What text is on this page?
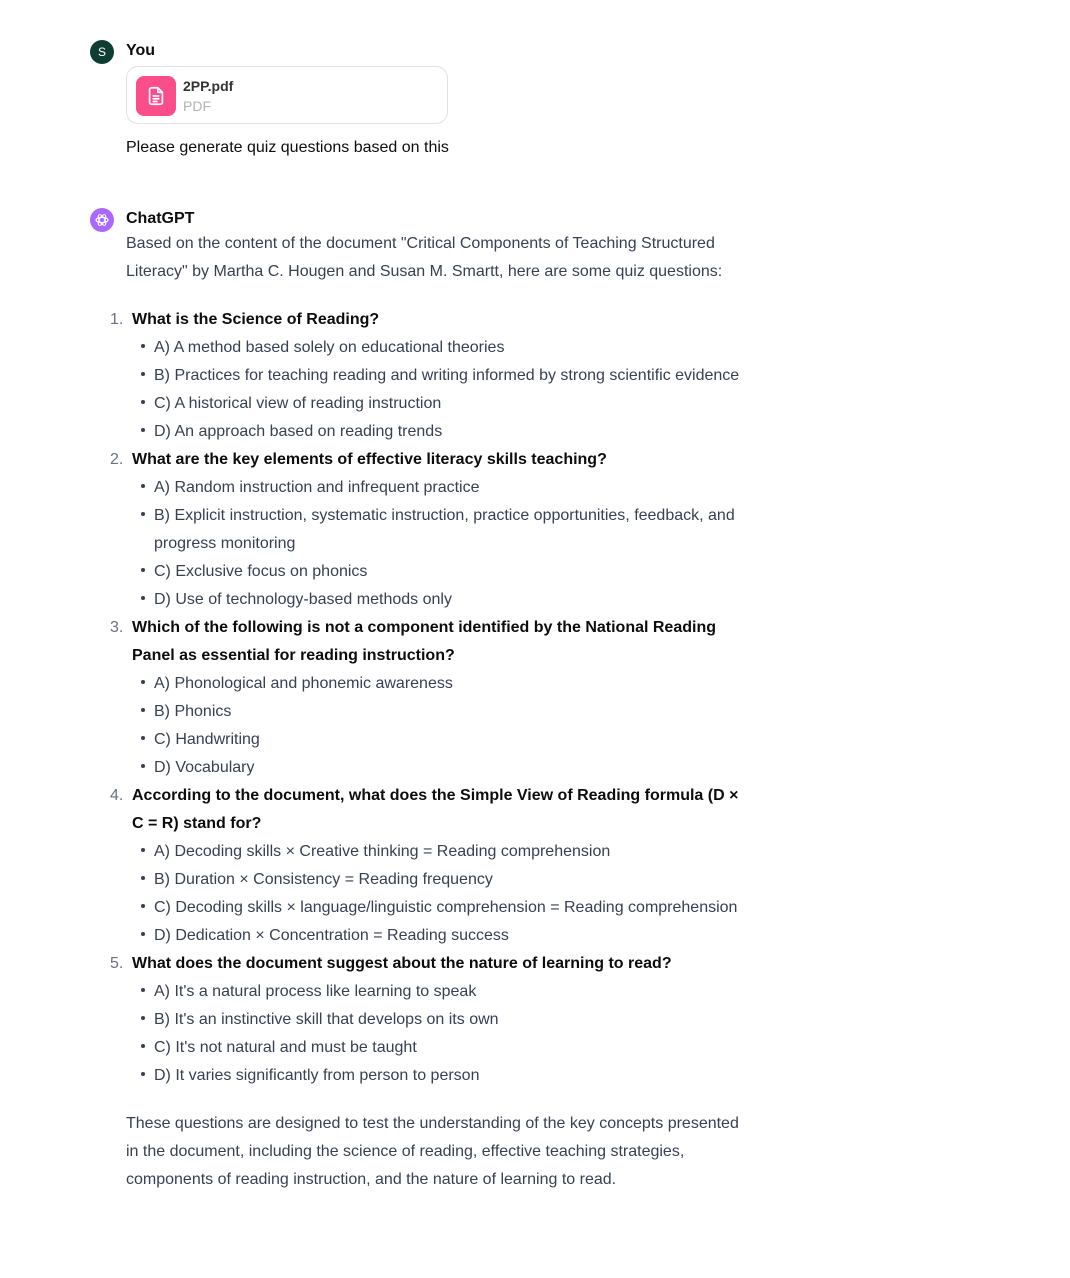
S You
2PP.pdf
PDF
Please generate quiz questions based on this
ChatGPT

Based on the content of the document "Critical Components of Teaching Structured Literacy" by Martha C. Hougen and Susan M. Smartt, here are some quiz questions:

1. What is the Science of Reading?
A) A method based solely on educational theories
B) Practices for teaching reading and writing informed by strong scientific evidence
C) A historical view of reading instruction
D) An approach based on reading trends
2. What are the key elements of effective literacy skills teaching?
A) Random instruction and infrequent practice
B) Explicit instruction, systematic instruction, practice opportunities, feedback, and progress monitoring
C) Exclusive focus on phonics
D) Use of technology-based methods only
3. Which of the following is not a component identified by the National Reading Panel as essential for reading instruction?
A) Phonological and phonemic awareness
B) Phonics
C) Handwriting
D) Vocabulary
4. According to the document, what does the Simple View of Reading formula (D × C = R) stand for?
A) Decoding skills × Creative thinking = Reading comprehension
B) Duration × Consistency = Reading frequency
C) Decoding skills × language/linguistic comprehension = Reading comprehension
D) Dedication × Concentration = Reading success
5. What does the document suggest about the nature of learning to read?
A) It's a natural process like learning to speak
B) It's an instinctive skill that develops on its own
C) It's not natural and must be taught
D) It varies significantly from person to person

These questions are designed to test the understanding of the key concepts presented in the document, including the science of reading, effective teaching strategies, components of reading instruction, and the nature of learning to read.
